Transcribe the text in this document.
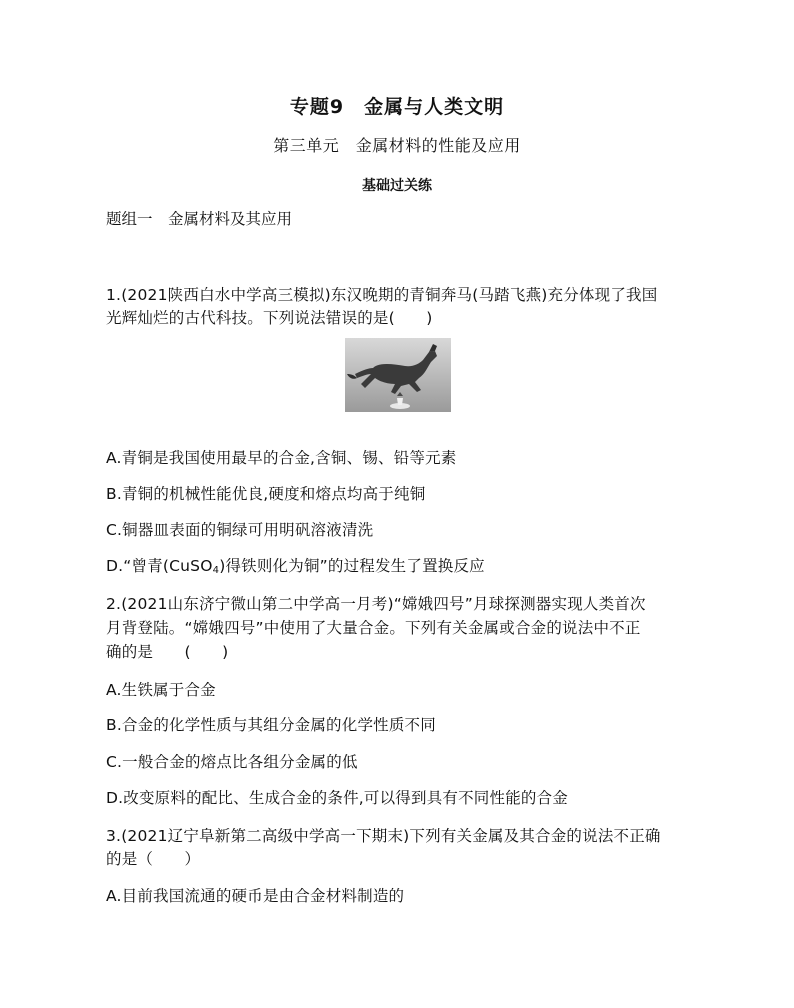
专题9　金属与人类文明
第三单元　金属材料的性能及应用
基础过关练
题组一　金属材料及其应用
1.(2021陕西白水中学高三模拟)东汉晚期的青铜奔马(马踏飞燕)充分体现了我国
光辉灿烂的古代科技。下列说法错误的是(　　)
A.青铜是我国使用最早的合金,含铜、锡、铅等元素
B.青铜的机械性能优良,硬度和熔点均高于纯铜
C.铜器皿表面的铜绿可用明矾溶液清洗
D.“曾青(CuSO$_4$)得铁则化为铜”的过程发生了置换反应
2.(2021山东济宁微山第二中学高一月考)“嫦娥四号”月球探测器实现人类首次
月背登陆。“嫦娥四号”中使用了大量合金。下列有关金属或合金的说法中不正
确的是　　(　　)
A.生铁属于合金
B.合金的化学性质与其组分金属的化学性质不同
C.一般合金的熔点比各组分金属的低
D.改变原料的配比、生成合金的条件,可以得到具有不同性能的合金
3.(2021辽宁阜新第二高级中学高一下期末)下列有关金属及其合金的说法不正确
的是（　　）
A.目前我国流通的硬币是由合金材料制造的
